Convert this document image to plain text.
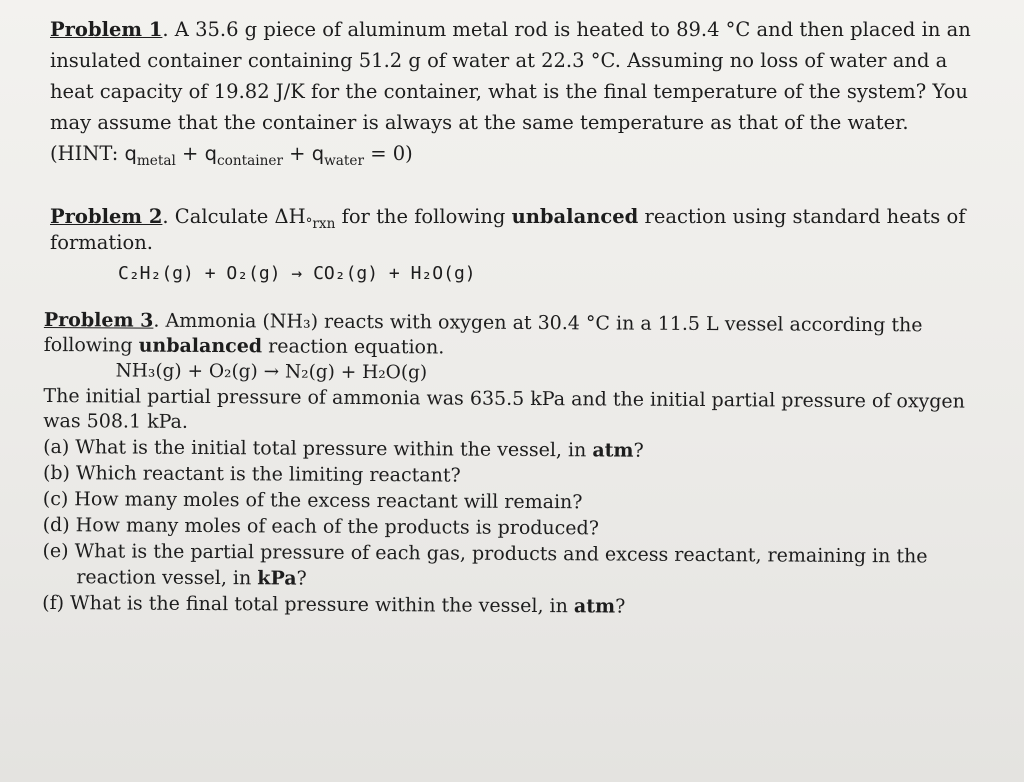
Problem 1. A 35.6 g piece of aluminum metal rod is heated to 89.4 °C and then placed in an insulated container containing 51.2 g of water at 22.3 °C. Assuming no loss of water and a heat capacity of 19.82 J/K for the container, what is the final temperature of the system? You may assume that the container is always at the same temperature as that of the water.
(HINT: $q_{metal} + q_{container} + q_{water} = 0$)

Problem 2. Calculate $\Delta H_{^\circ rxn}$ for the following unbalanced reaction using standard heats of formation.
C₂H₂(g) + O₂(g) → CO₂(g) + H₂O(g)

Problem 3. Ammonia (NH₃) reacts with oxygen at 30.4 °C in a 11.5 L vessel according the following unbalanced reaction equation.
NH₃(g) + O₂(g) → N₂(g) + H₂O(g)
The initial partial pressure of ammonia was 635.5 kPa and the initial partial pressure of oxygen was 508.1 kPa.
(a) What is the initial total pressure within the vessel, in atm?
(b) Which reactant is the limiting reactant?
(c) How many moles of the excess reactant will remain?
(d) How many moles of each of the products is produced?
(e) What is the partial pressure of each gas, products and excess reactant, remaining in the
reaction vessel, in kPa?
(f) What is the final total pressure within the vessel, in atm?
